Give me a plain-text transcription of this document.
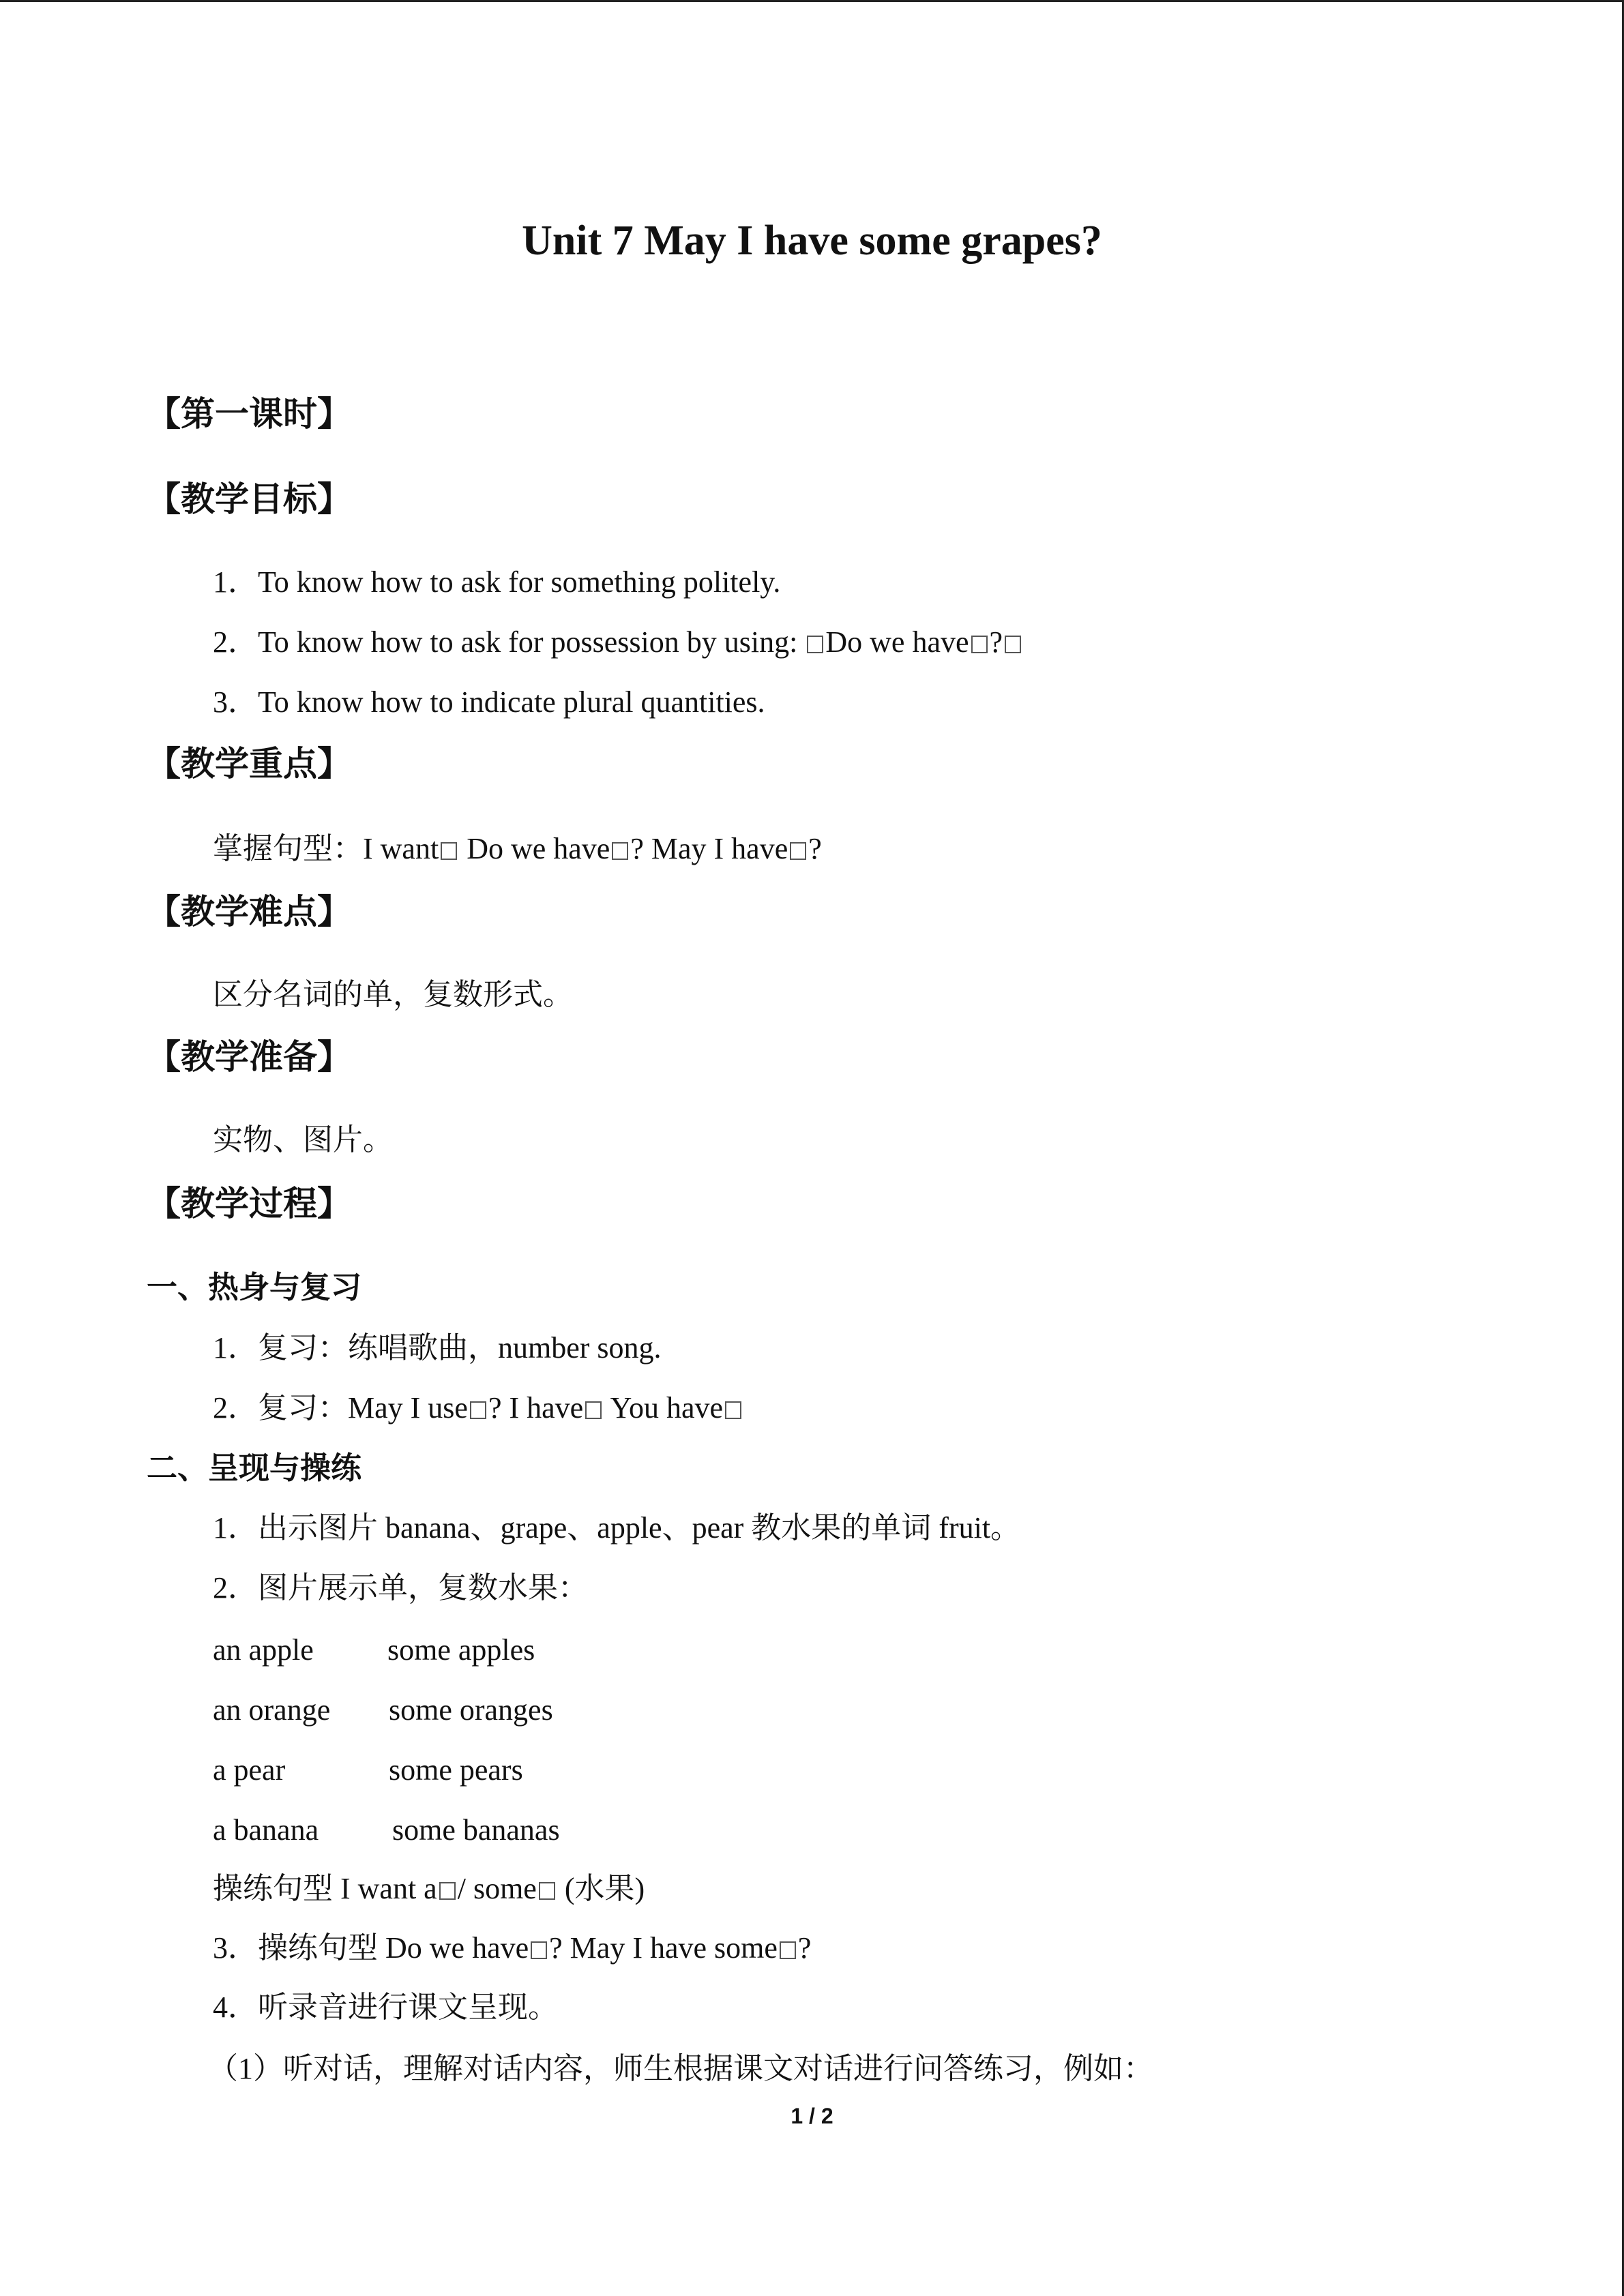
Unit 7 May I have some grapes?
【第一课时】
【教学目标】
1．To know how to ask for something politely.
2．To know how to ask for possession by using: Do we have ?
3．To know how to indicate plural quantities.
【教学重点】
掌握句型：I want Do we have ? May I have ?
【教学难点】
区分名词的单，复数形式。
【教学准备】
实物、图片。
【教学过程】
一、热身与复习
1．复习：练唱歌曲，number song.
2．复习：May I use ? I have You have
二、呈现与操练
1．出示图片 banana、grape、apple、pear 教水果的单词 fruit。
2．图片展示单，复数水果：
an apple some apples
an orange some oranges
a pear	some pears
a banana some bananas
操练句型 I want a / some (水果)
3．操练句型 Do we have ? May I have some ?
4．听录音进行课文呈现。
（1）听对话，理解对话内容，师生根据课文对话进行问答练习，例如：
1 / 2
